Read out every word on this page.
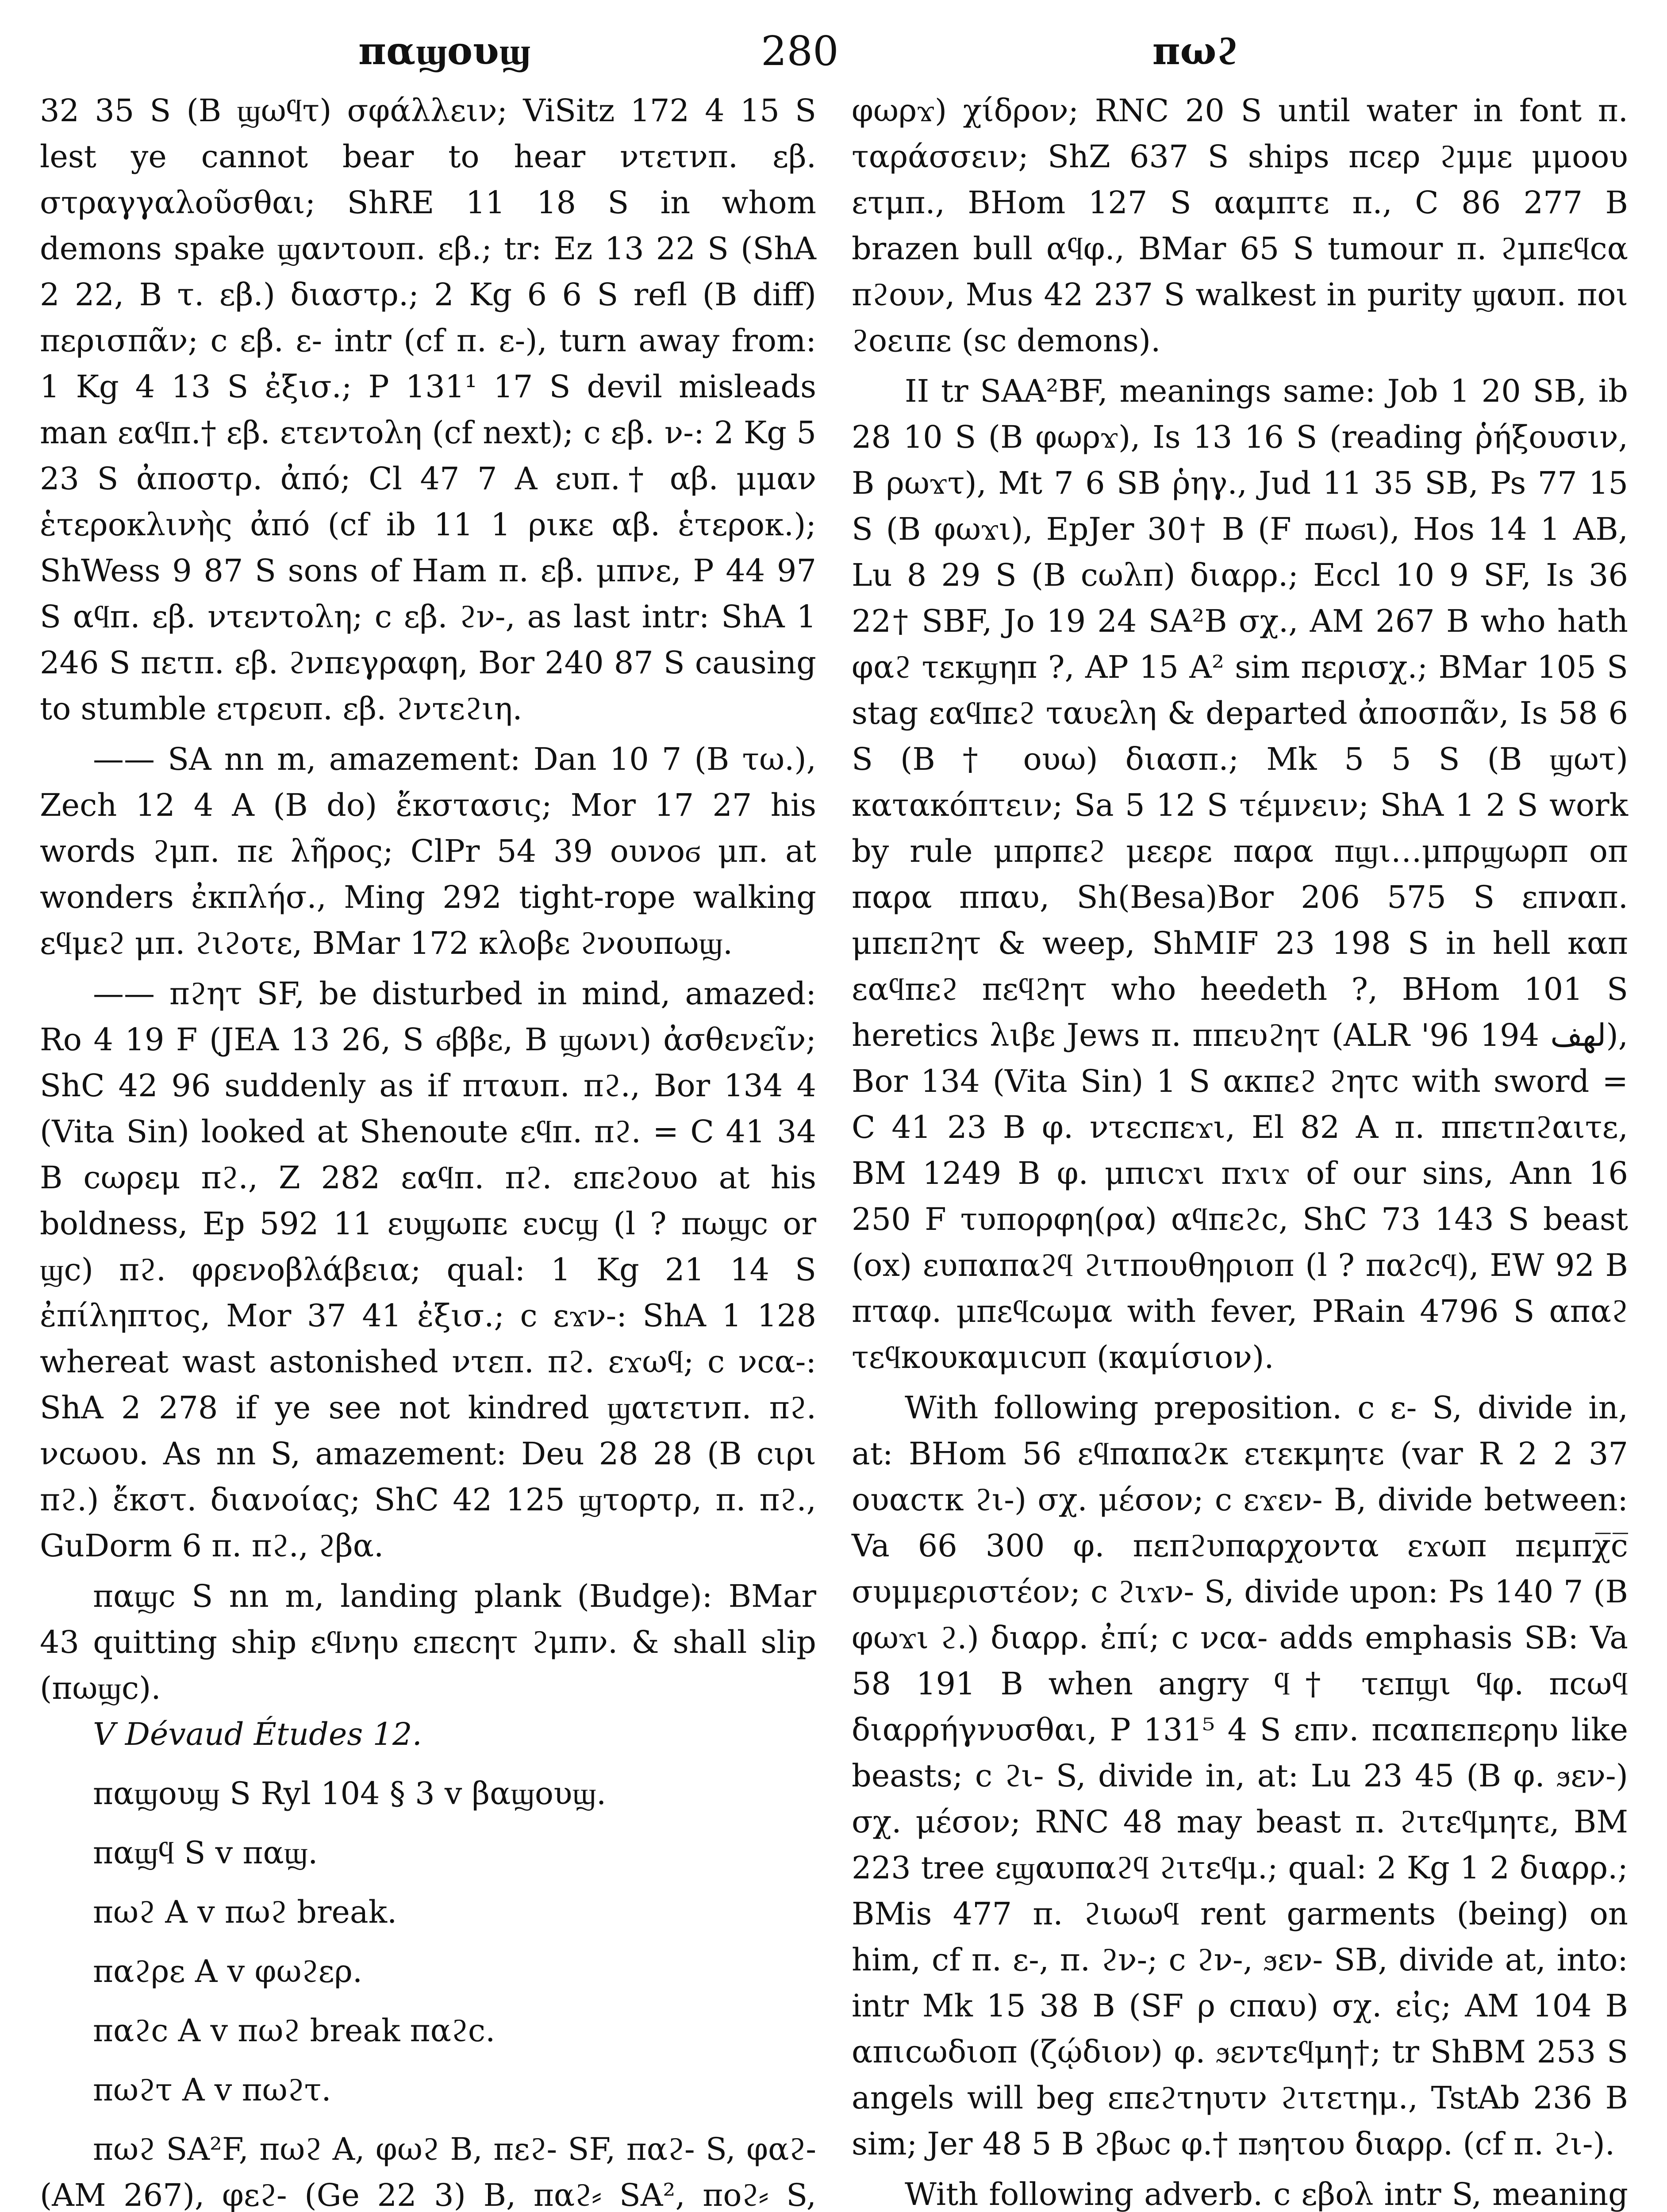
παϣουϣ	280	πωϩ

32 35 S (B ϣωϥτ) σφάλλειν; ViSitz 172 4 15 S lest ye cannot bear to hear ντετνπ. εβ. στραγγαλοῦσθαι; ShRE 11 18 S in whom demons spake ϣαντουπ. εβ.; tr: Ez 13 22 S (ShA 2 22, B τ. εβ.) διαστρ.; 2 Kg 6 6 S refl (B diff) περισπᾶν; c εβ. ε- intr (cf π. ε-), turn away from: 1 Kg 4 13 S ἐξισ.; P 131¹ 17 S devil misleads man εαϥπ.† εβ. ετεντολη (cf next); c εβ. ν-: 2 Kg 5 23 S ἀποστρ. ἀπό; Cl 47 7 A ευπ.† αβ. μμαν ἑτεροκλινὴς ἀπό (cf ib 11 1 ρικε αβ. ἑτεροκ.); ShWess 9 87 S sons of Ham π. εβ. μπνε, P 44 97 S αϥπ. εβ. ντεντολη; c εβ. ϩν-, as last intr: ShA 1 246 S πετπ. εβ. ϩνπεγραφη, Bor 240 87 S causing to stumble ετρευπ. εβ. ϩντεϩιη.

—— SA nn m, amazement: Dan 10 7 (B τω.), Zech 12 4 A (B do) ἔκστασις; Mor 17 27 his words ϩμπ. πε λῆρος; ClPr 54 39 ουνοϭ μπ. at wonders ἐκπλήσ., Ming 292 tight-rope walking εϥμεϩ μπ. ϩιϩοτε, BMar 172 κλοβε ϩνουπωϣ.

—— πϩητ SF, be disturbed in mind, amazed: Ro 4 19 F (JEA 13 26, S ϭββε, B ϣωνι) ἀσθενεῖν; ShC 42 96 suddenly as if πταυπ. πϩ., Bor 134 4 (Vita Sin) looked at Shenoute εϥπ. πϩ. = C 41 34 B ϲωρεμ πϩ., Z 282 εαϥπ. πϩ. επεϩουο at his boldness, Ep 592 11 ευϣωπε ευϲϣ (l ? πωϣϲ or ϣϲ) πϩ. φρενοβλάβεια; qual: 1 Kg 21 14 S ἐπίληπτος, Mor 37 41 ἐξισ.; c εϫν-: ShA 1 128 whereat wast astonished ντεπ. πϩ. εϫωϥ; c νϲα-: ShA 2 278 if ye see not kindred ϣατετνπ. πϩ. νϲωου. As nn S, amazement: Deu 28 28 (B ϲιρι πϩ.) ἔκστ. διανοίας; ShC 42 125 ϣτορτρ, π. πϩ., GuDorm 6 π. πϩ., ϩβα.

παϣϲ S nn m, landing plank (Budge): BMar 43 quitting ship εϥνηυ επεϲητ ϩμπν. & shall slip (πωϣϲ).

V Dévaud Études 12.

παϣουϣ S Ryl 104 § 3 v βαϣουϣ.

παϣϥ S v παϣ.

πωϩ A v πωϩ break.

παϩρε A v φωϩερ.

παϩϲ A v πωϩ break παϩϲ.

πωϩτ A v πωϩτ.

πωϩ SA²F, πωϩ A, φωϩ B, πεϩ- SF, παϩ- S, φαϩ- (AM 267), φεϩ- (Ge 22 3) B, παϩ⸗ SA², ποϩ⸗ S,

φωρϫ) χίδρον; RNC 20 S until water in font π. ταράσσειν; ShZ 637 S ships πϲερ ϩμμε μμοου ετμπ., BHom 127 S ααμπτε π., C 86 277 B brazen bull αϥφ., BMar 65 S tumour π. ϩμπεϥϲα πϩουν, Mus 42 237 S walkest in purity ϣαυπ. ποι ϩοειπε (sc demons).

II tr SAA²BF, meanings same: Job 1 20 SB, ib 28 10 S (B φωρϫ), Is 13 16 S (reading ῥήξουσιν, B ρωϫτ), Mt 7 6 SB ῥηγ., Jud 11 35 SB, Ps 77 15 S (B φωϫι), EpJer 30† B (F πωϭι), Hos 14 1 AB, Lu 8 29 S (B ϲωλπ) διαρρ.; Eccl 10 9 SF, Is 36 22† SBF, Jo 19 24 SA²B σχ., AM 267 B who hath φαϩ τεκϣηπ ?, AP 15 A² sim περισχ.; BMar 105 S stag εαϥπεϩ ταυελη & departed ἀποσπᾶν, Is 58 6 S (B † ουω) διασπ.; Mk 5 5 S (B ϣωτ) κατακόπτειν; Sa 5 12 S τέμνειν; ShA 1 2 S work by rule μπρπεϩ μεερε παρα πϣι…μπρϣωρπ οπ παρα ππαυ, Sh(Besa)Bor 206 575 S επναπ. μπεπϩητ & weep, ShMIF 23 198 S in hell καπ εαϥπεϩ πεϥϩητ who heedeth ?, BHom 101 S heretics λιβε Jews π. ππευϩητ (ALR '96 194 لهف), Bor 134 (Vita Sin) 1 S ακπεϩ ϩητϲ with sword = C 41 23 B φ. ντεϲπεϫι, El 82 A π. ππετπϩαιτε, BM 1249 B φ. μπιϲϫι πϫιϫ of our sins, Ann 16 250 F τυπορφη(ρα) αϥπεϩϲ, ShC 73 143 S beast (ox) ευπαπαϩϥ ϩιτπουθηριοπ (l ? παϩϲϥ), EW 92 B πταφ. μπεϥϲωμα with fever, PRain 4796 S απαϩ τεϥκουκαμιϲυπ (καμίσιον).

With following preposition. c ε- S, divide in, at: BHom 56 εϥπαπαϩκ ετεκμητε (var R 2 2 37 ουαϲτκ ϩι-) σχ. μέσον; c εϫεν- B, divide between: Va 66 300 φ. πεπϩυπαρχοντα εϫωπ πεμπχ̅ϲ̅ συμμεριστέον; c ϩιϫν- S, divide upon: Ps 140 7 (B φωϫι ϩ.) διαρρ. ἐπί; c νϲα- adds emphasis SB: Va 58 191 B when angry ϥ† τεπϣι ϥφ. πϲωϥ διαρρήγνυσθαι, P 131⁵ 4 S επν. πϲαπεπερηυ like beasts; c ϩι- S, divide in, at: Lu 23 45 (B φ. ϧεν-) σχ. μέσον; RNC 48 may beast π. ϩιτεϥμητε, BM 223 tree εϣαυπαϩϥ ϩιτεϥμ.; qual: 2 Kg 1 2 διαρρ.; BMis 477 π. ϩιωωϥ rent garments (being) on him, cf π. ε-, π. ϩν-; c ϩν-, ϧεν- SB, divide at, into: intr Mk 15 38 B (SF ρ ϲπαυ) σχ. εἰς; AM 104 B απιϲωδιοπ (ζῴδιον) φ. ϧεντεϥμη†; tr ShBM 253 S angels will beg επεϩτηυτν ϩιτετημ., TstAb 236 B sim; Jer 48 5 B ϩβωϲ φ.† πϧητου διαρρ. (cf π. ϩι-).

With following adverb. c εβολ intr S, meaning
